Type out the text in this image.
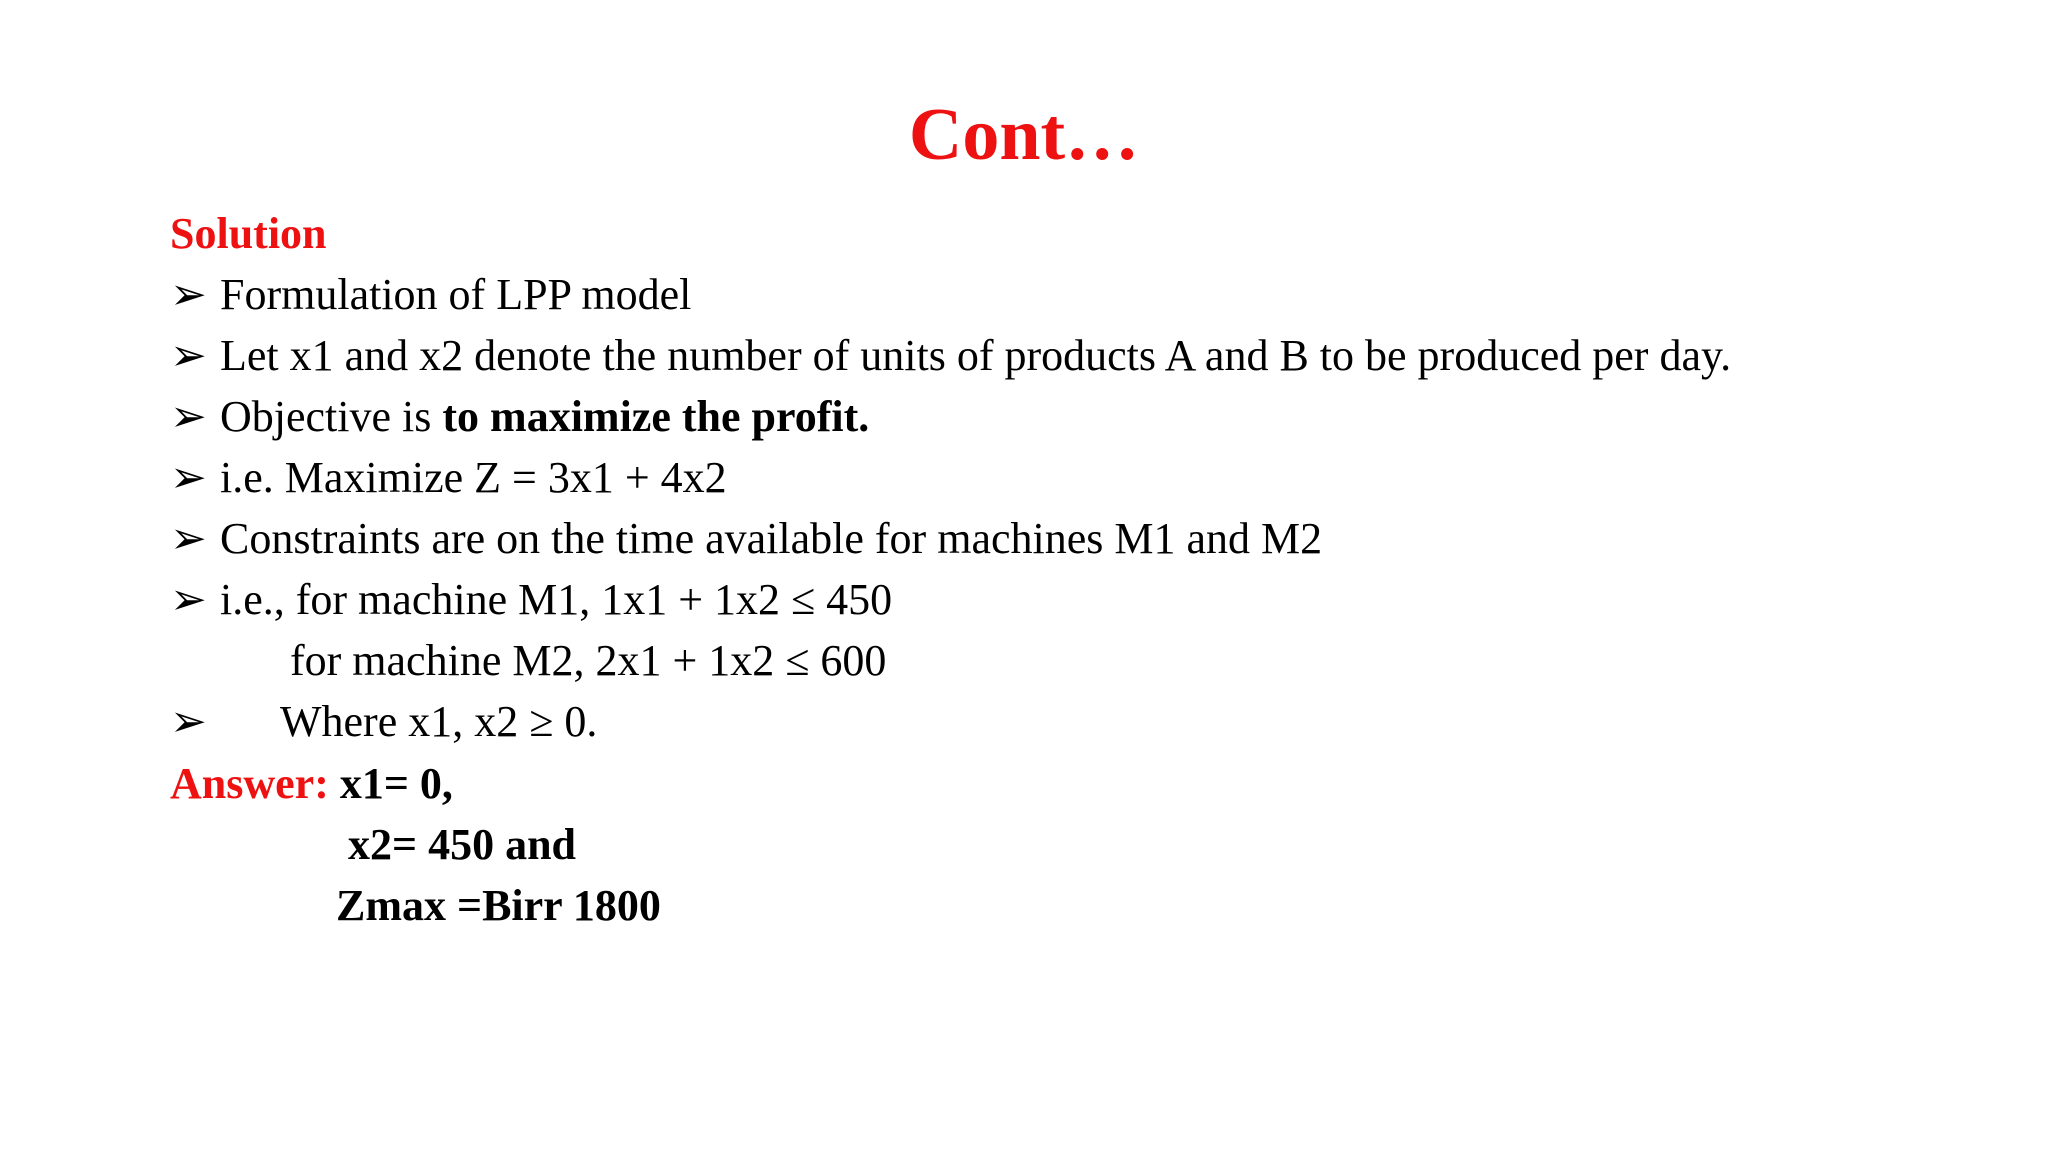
Cont…
Solution
➢ Formulation of LPP model
➢ Let x1 and x2 denote the number of units of products A and B to be produced per day.
➢ Objective is to maximize the profit.
➢ i.e. Maximize Z = 3x1 + 4x2
➢ Constraints are on the time available for machines M1 and M2
➢ i.e., for machine M1, 1x1 + 1x2 ≤ 450
for machine M2, 2x1 + 1x2 ≤ 600
➢ Where x1, x2 ≥ 0.
Answer: x1= 0,
x2= 450 and
Zmax =Birr 1800
